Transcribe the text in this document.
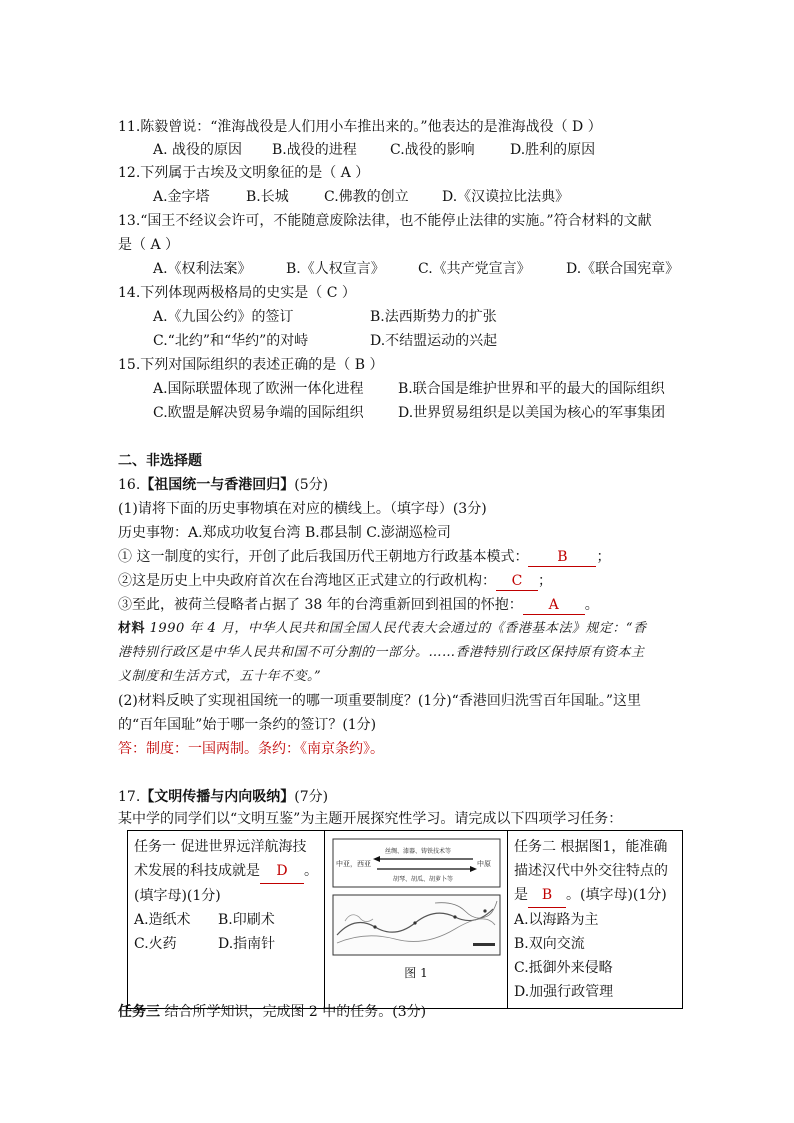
11.陈毅曾说：“淮海战役是人们用小车推出来的。”他表达的是淮海战役（ D ）
A. 战役的原因 B.战役的进程 C.战役的影响	D.胜利的原因
12.下列属于古埃及文明象征的是（ A ）
A.金字塔	B.长城	C.佛教的创立 D.《汉谟拉比法典》
13.“国王不经议会许可，不能随意废除法律，也不能停止法律的实施。”符合材料的文献
是（ A ）
A.《权利法案》 B.《人权宣言》 C.《共产党宣言》	D.《联合国宪章》
14.下列体现两极格局的史实是（ C ）
A.《九国公约》的签订	B.法西斯势力的扩张
C.“北约”和“华约”的对峙	D.不结盟运动的兴起
15.下列对国际组织的表述正确的是（ B ）
A.国际联盟体现了欧洲一体化进程 B.联合国是维护世界和平的最大的国际组织
C.欧盟是解决贸易争端的国际组织 D.世界贸易组织是以美国为核心的军事集团
二、非选择题
16.【祖国统一与香港回归】(5分)
(1)请将下面的历史事物填在对应的横线上。（填字母）(3分)
历史事物：A.郑成功收复台湾 B.郡县制 C.澎湖巡检司
① 这一制度的实行，开创了此后我国历代王朝地方行政基本模式： B ；
②这是历史上中央政府首次在台湾地区正式建立的行政机构： C ；
③至此，被荷兰侵略者占据了 38 年的台湾重新回到祖国的怀抱： A 。
材料 1990 年 4 月，中华人民共和国全国人民代表大会通过的《香港基本法》规定：“香
港特别行政区是中华人民共和国不可分割的一部分。……香港特别行政区保持原有资本主
义制度和生活方式，五十年不变。”
(2)材料反映了实现祖国统一的哪一项重要制度？(1分)“香港回归洗雪百年国耻。”这里
的“百年国耻”始于哪一条约的签订？(1分)
答：制度：一国两制。条约：《南京条约》。
17.【文明传播与内向吸纳】(7分)
某中学的同学们以“文明互鉴”为主题开展探究性学习。请完成以下四项学习任务：
任务一 促进世界远洋航海技
术发展的科技成就是 D 。
(填字母)(1分)
A.造纸术 B.印刷术
C.火药	D.指南针

中亚，西亚	中原
丝绸、漆器、铸铁技术等
胡琴、胡瓜、胡萝卜等
图 1

任务二 根据图1，能准确
描述汉代中外交往特点的
是 B 。(填字母)(1分)
A.以海路为主
B.双向交流
C.抵御外来侵略
D.加强行政管理
任务三 结合所学知识，完成图 2 中的任务。(3分)
